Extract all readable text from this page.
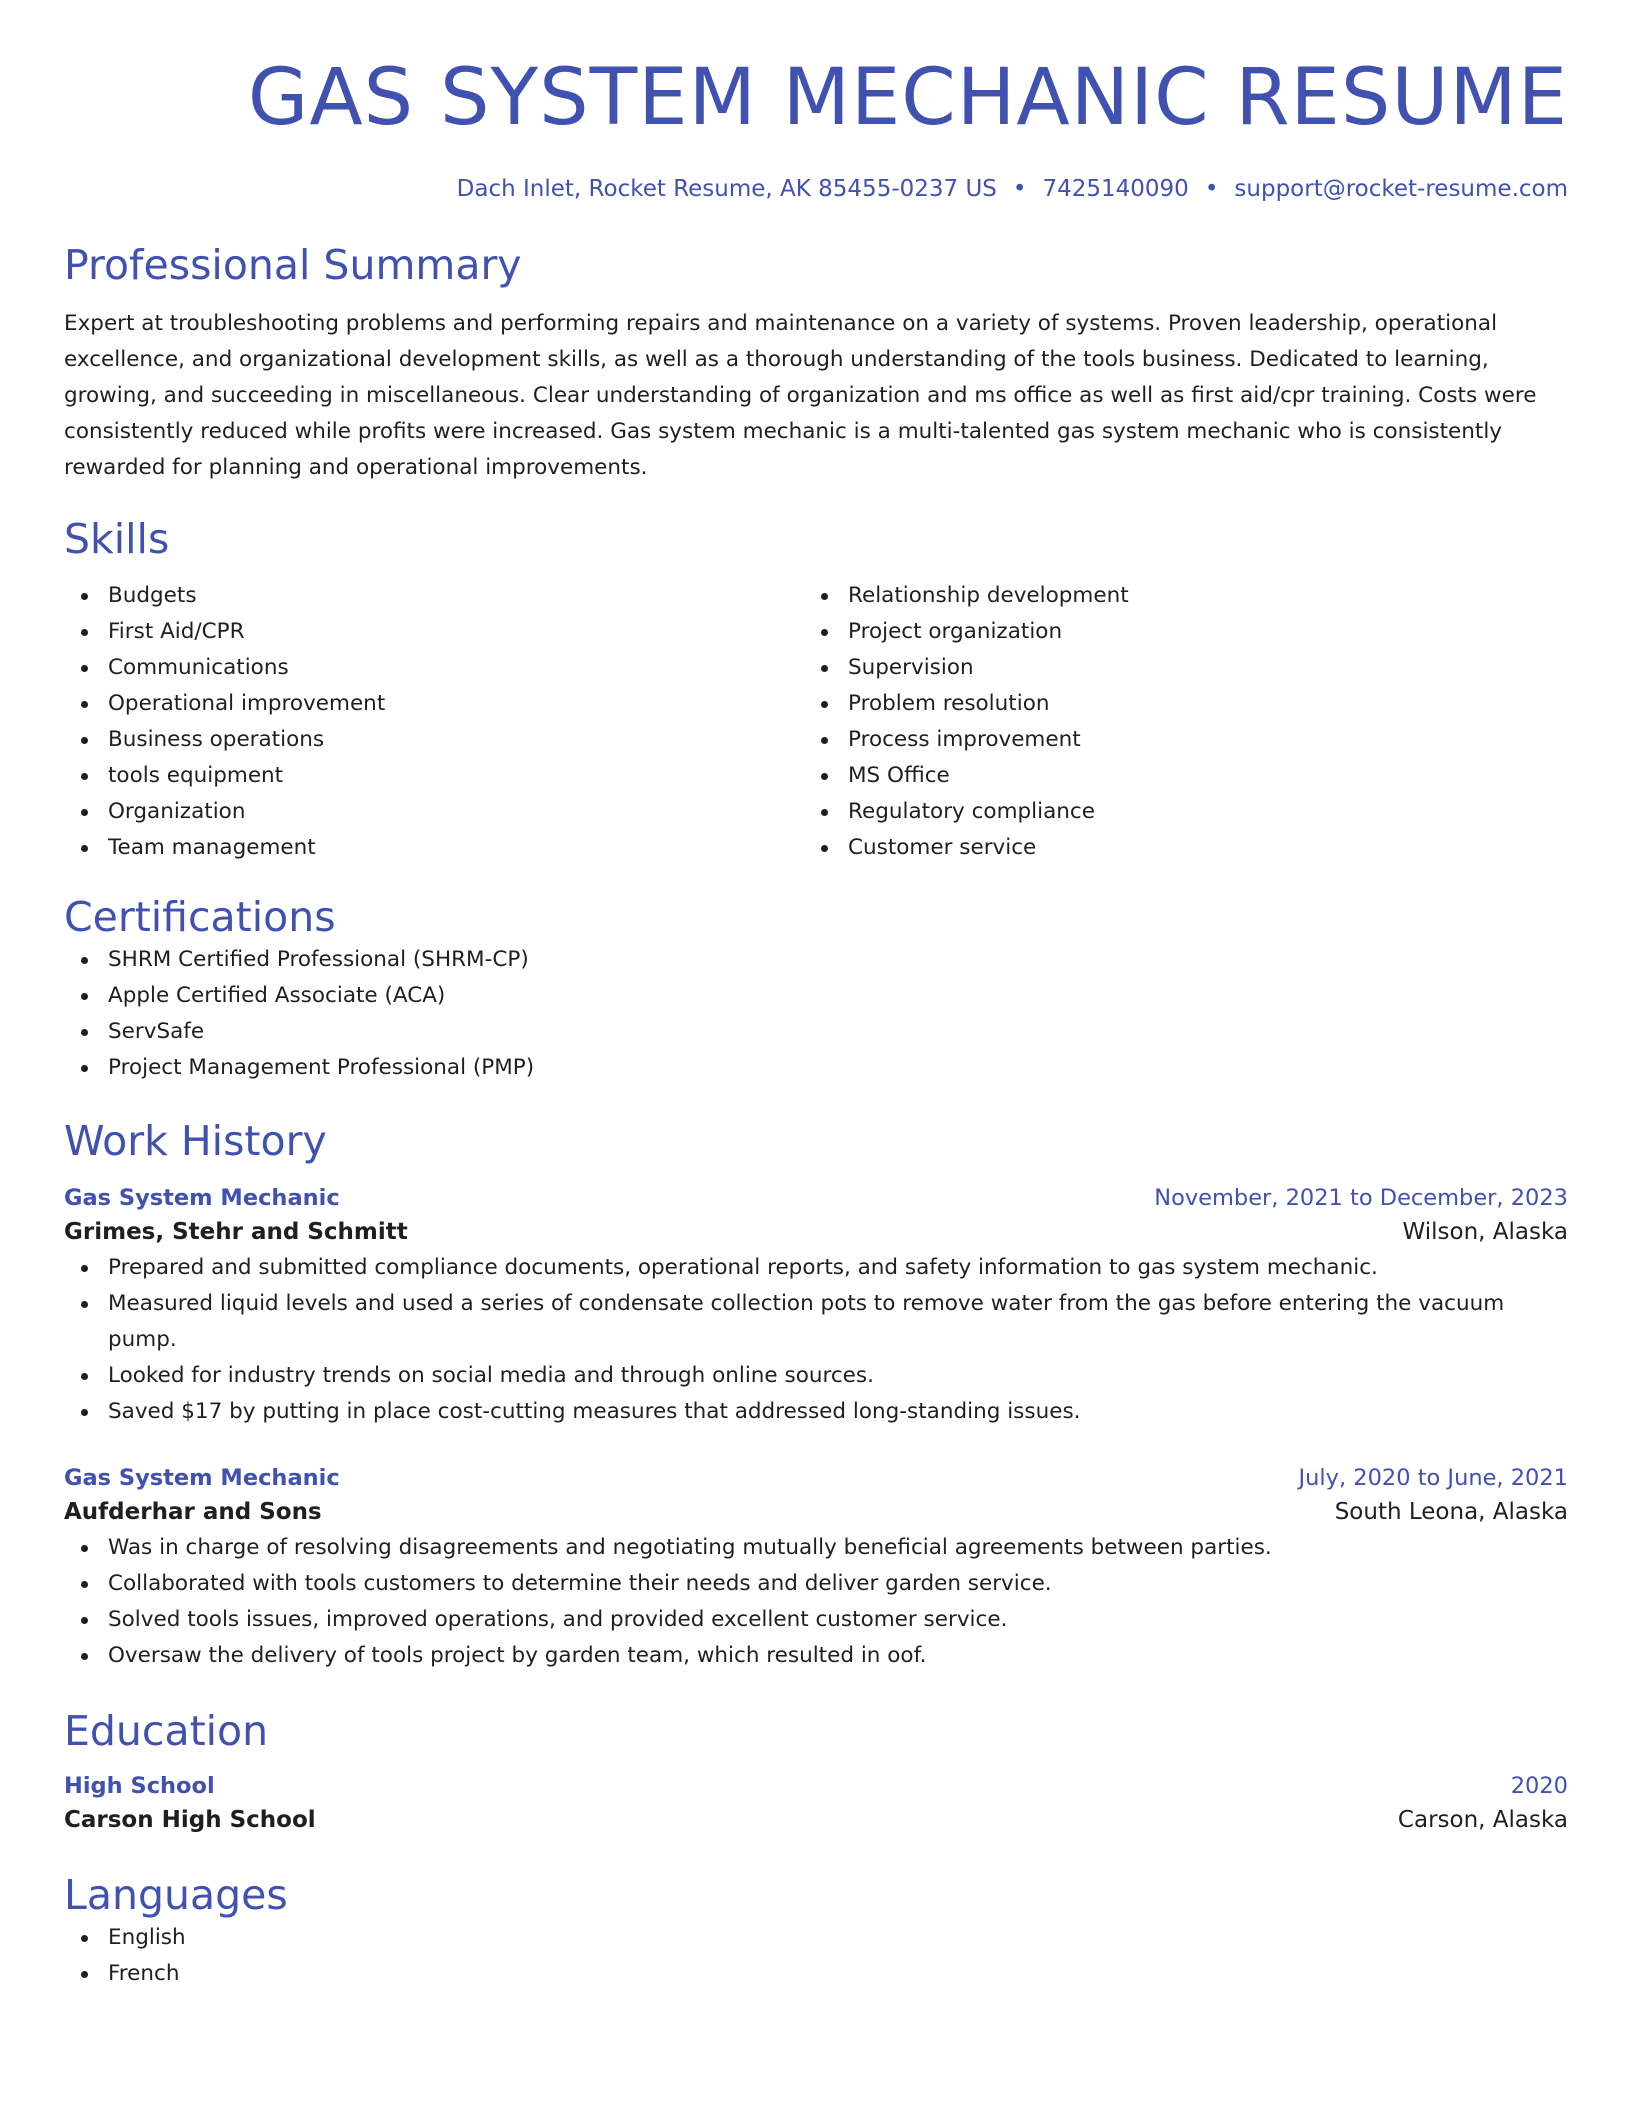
GAS SYSTEM MECHANIC RESUME
Dach Inlet, Rocket Resume, AK 85455-0237 US • 7425140090 • support@rocket-resume.com
Professional Summary

Expert at troubleshooting problems and performing repairs and maintenance on a variety of systems. Proven leadership, operational excellence, and organizational development skills, as well as a thorough understanding of the tools business. Dedicated to learning, growing, and succeeding in miscellaneous. Clear understanding of organization and ms office as well as first aid/cpr training. Costs were consistently reduced while profits were increased. Gas system mechanic is a multi-talented gas system mechanic who is consistently rewarded for planning and operational improvements.

Skills
Budgets
First Aid/CPR
Communications
Operational improvement
Business operations
tools equipment
Organization
Team management
Relationship development
Project organization
Supervision
Problem resolution
Process improvement
MS Office
Regulatory compliance
Customer service
Certifications
SHRM Certified Professional (SHRM-CP)
Apple Certified Associate (ACA)
ServSafe
Project Management Professional (PMP)
Work History
Gas System Mechanic	November, 2021 to December, 2023
Grimes, Stehr and Schmitt	Wilson, Alaska
Prepared and submitted compliance documents, operational reports, and safety information to gas system mechanic.
Measured liquid levels and used a series of condensate collection pots to remove water from the gas before entering the vacuum pump.
Looked for industry trends on social media and through online sources.
Saved $17 by putting in place cost-cutting measures that addressed long-standing issues.
Gas System Mechanic	July, 2020 to June, 2021
Aufderhar and Sons	South Leona, Alaska
Was in charge of resolving disagreements and negotiating mutually beneficial agreements between parties.
Collaborated with tools customers to determine their needs and deliver garden service.
Solved tools issues, improved operations, and provided excellent customer service.
Oversaw the delivery of tools project by garden team, which resulted in oof.
Education
High School	2020
Carson High School	Carson, Alaska
Languages
English
French
